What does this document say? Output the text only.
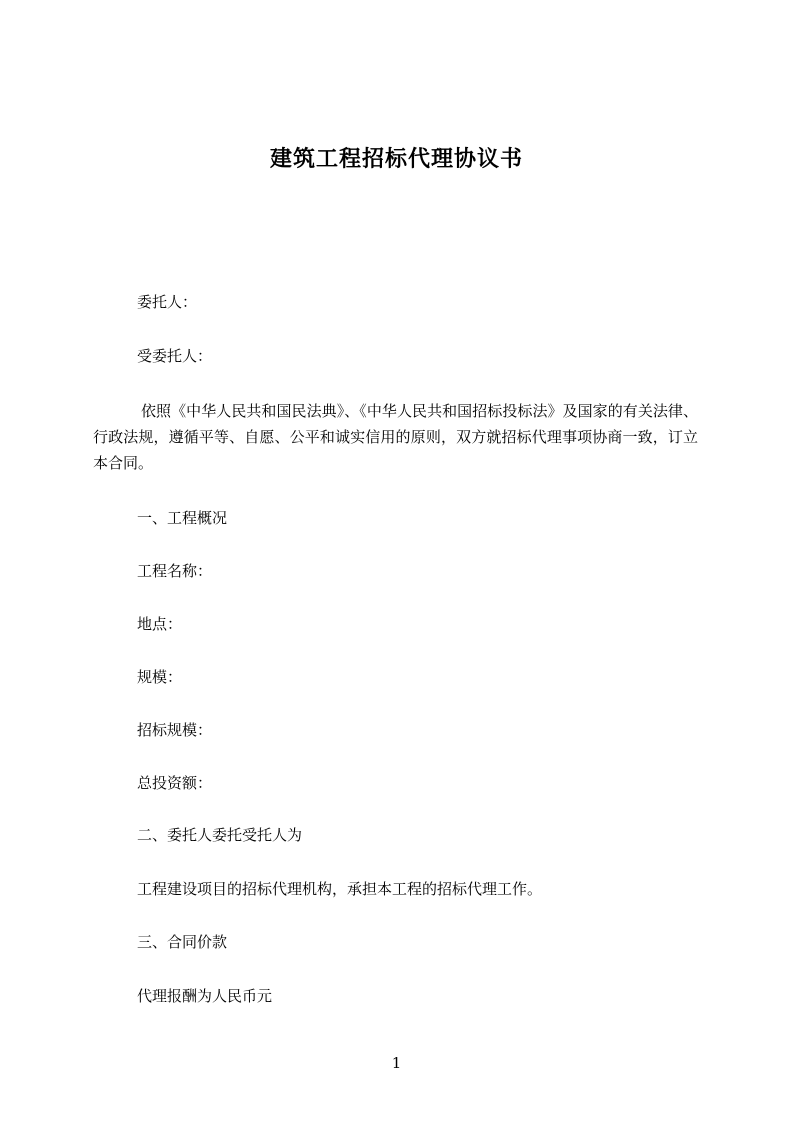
建筑工程招标代理协议书
委托人：
受委托人：
依照《中华人民共和国民法典》、《中华人民共和国招标投标法》及国家的有关法律、行政法规，遵循平等、自愿、公平和诚实信用的原则，双方就招标代理事项协商一致，订立本合同。
一、工程概况
工程名称：
地点：
规模：
招标规模：
总投资额：
二、委托人委托受托人为
工程建设项目的招标代理机构，承担本工程的招标代理工作。
三、合同价款
代理报酬为人民币元
1
